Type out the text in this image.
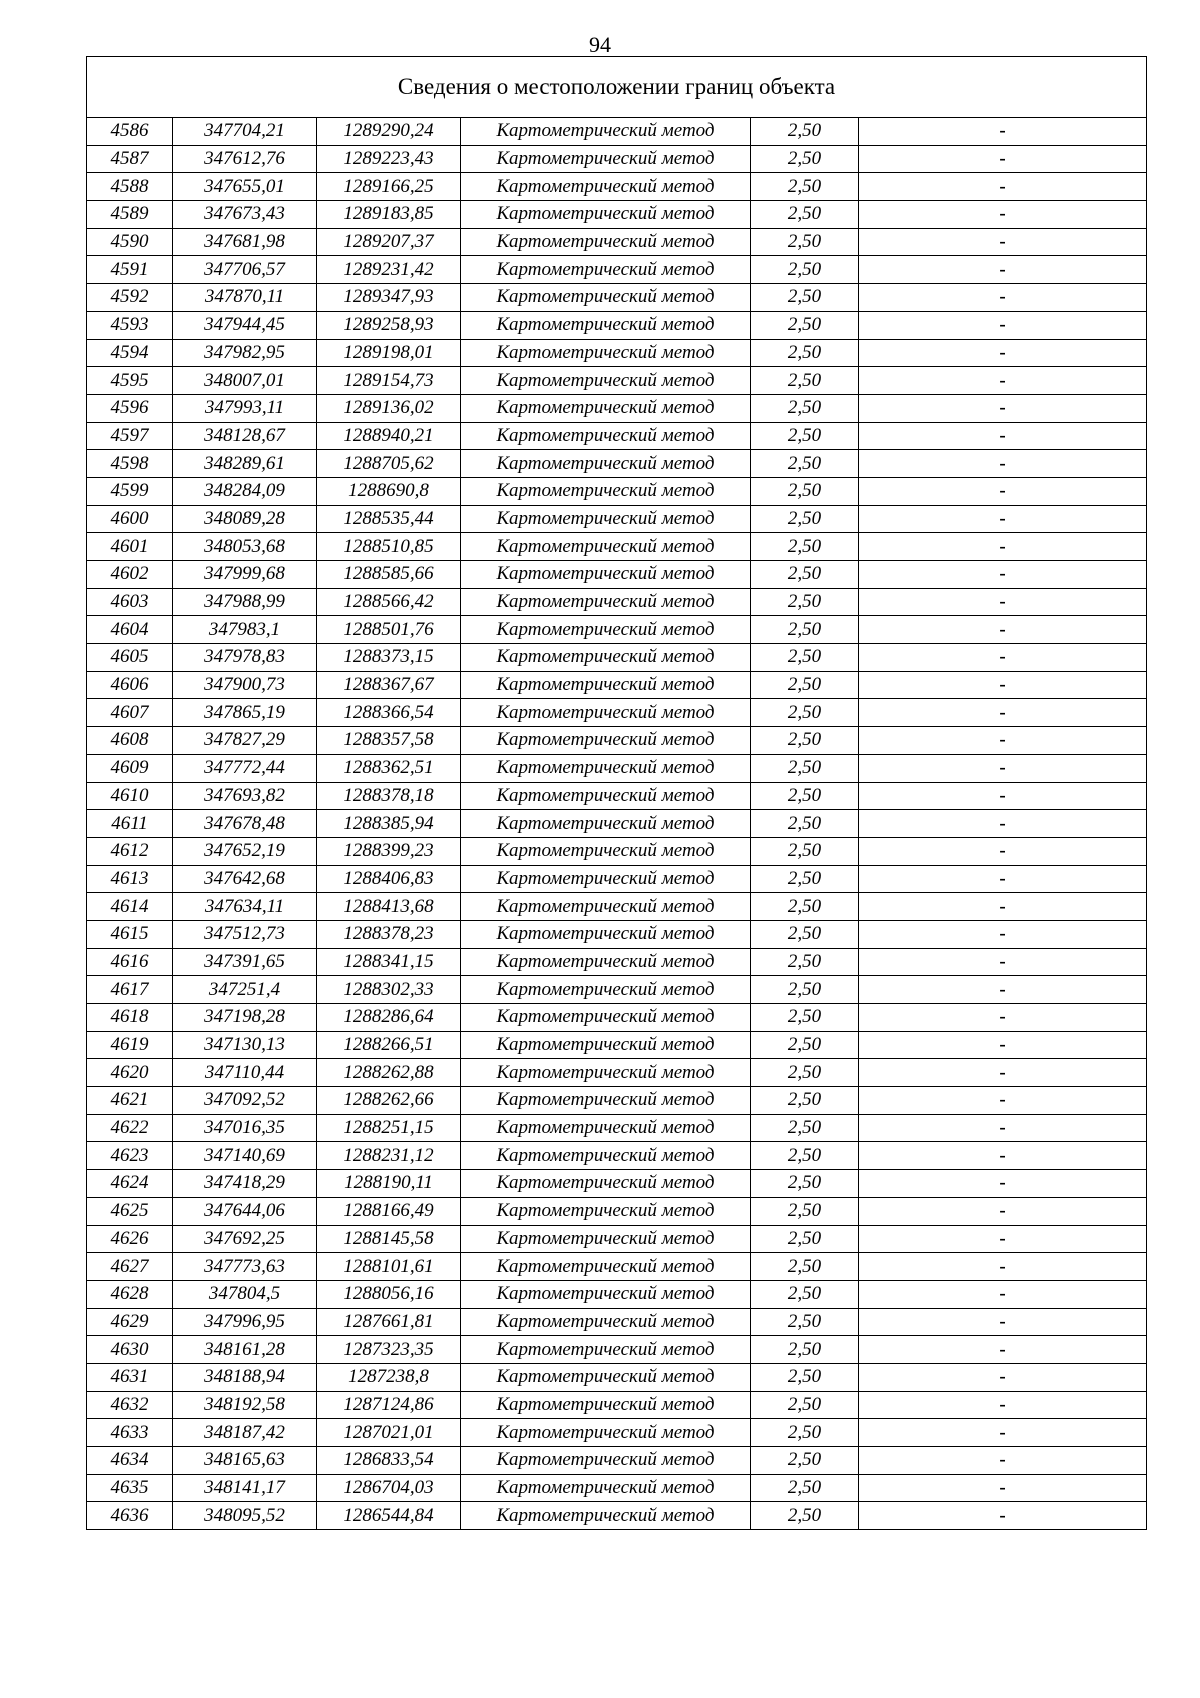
94
Сведения о местоположении границ объекта					
4586	347704,21	1289290,24	Картометрический метод	2,50	-
4587	347612,76	1289223,43	Картометрический метод	2,50	-
4588	347655,01	1289166,25	Картометрический метод	2,50	-
4589	347673,43	1289183,85	Картометрический метод	2,50	-
4590	347681,98	1289207,37	Картометрический метод	2,50	-
4591	347706,57	1289231,42	Картометрический метод	2,50	-
4592	347870,11	1289347,93	Картометрический метод	2,50	-
4593	347944,45	1289258,93	Картометрический метод	2,50	-
4594	347982,95	1289198,01	Картометрический метод	2,50	-
4595	348007,01	1289154,73	Картометрический метод	2,50	-
4596	347993,11	1289136,02	Картометрический метод	2,50	-
4597	348128,67	1288940,21	Картометрический метод	2,50	-
4598	348289,61	1288705,62	Картометрический метод	2,50	-
4599	348284,09	1288690,8	Картометрический метод	2,50	-
4600	348089,28	1288535,44	Картометрический метод	2,50	-
4601	348053,68	1288510,85	Картометрический метод	2,50	-
4602	347999,68	1288585,66	Картометрический метод	2,50	-
4603	347988,99	1288566,42	Картометрический метод	2,50	-
4604	347983,1	1288501,76	Картометрический метод	2,50	-
4605	347978,83	1288373,15	Картометрический метод	2,50	-
4606	347900,73	1288367,67	Картометрический метод	2,50	-
4607	347865,19	1288366,54	Картометрический метод	2,50	-
4608	347827,29	1288357,58	Картометрический метод	2,50	-
4609	347772,44	1288362,51	Картометрический метод	2,50	-
4610	347693,82	1288378,18	Картометрический метод	2,50	-
4611	347678,48	1288385,94	Картометрический метод	2,50	-
4612	347652,19	1288399,23	Картометрический метод	2,50	-
4613	347642,68	1288406,83	Картометрический метод	2,50	-
4614	347634,11	1288413,68	Картометрический метод	2,50	-
4615	347512,73	1288378,23	Картометрический метод	2,50	-
4616	347391,65	1288341,15	Картометрический метод	2,50	-
4617	347251,4	1288302,33	Картометрический метод	2,50	-
4618	347198,28	1288286,64	Картометрический метод	2,50	-
4619	347130,13	1288266,51	Картометрический метод	2,50	-
4620	347110,44	1288262,88	Картометрический метод	2,50	-
4621	347092,52	1288262,66	Картометрический метод	2,50	-
4622	347016,35	1288251,15	Картометрический метод	2,50	-
4623	347140,69	1288231,12	Картометрический метод	2,50	-
4624	347418,29	1288190,11	Картометрический метод	2,50	-
4625	347644,06	1288166,49	Картометрический метод	2,50	-
4626	347692,25	1288145,58	Картометрический метод	2,50	-
4627	347773,63	1288101,61	Картометрический метод	2,50	-
4628	347804,5	1288056,16	Картометрический метод	2,50	-
4629	347996,95	1287661,81	Картометрический метод	2,50	-
4630	348161,28	1287323,35	Картометрический метод	2,50	-
4631	348188,94	1287238,8	Картометрический метод	2,50	-
4632	348192,58	1287124,86	Картометрический метод	2,50	-
4633	348187,42	1287021,01	Картометрический метод	2,50	-
4634	348165,63	1286833,54	Картометрический метод	2,50	-
4635	348141,17	1286704,03	Картометрический метод	2,50	-
4636	348095,52	1286544,84	Картометрический метод	2,50	-
